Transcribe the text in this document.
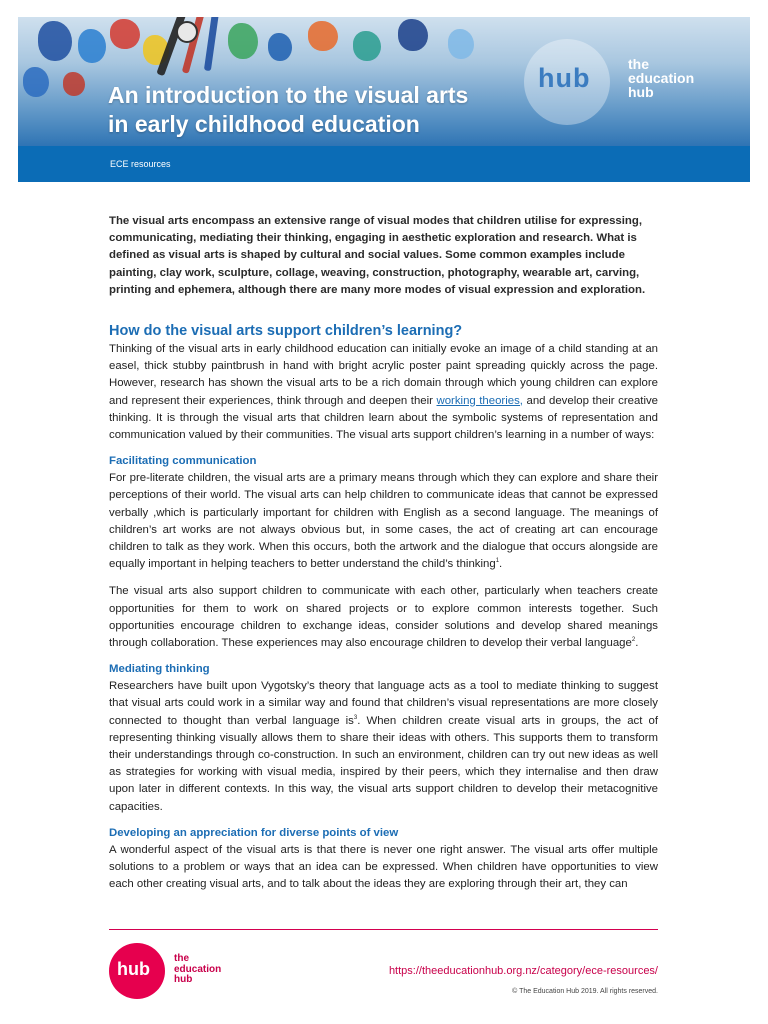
hub	the
education
hub
An introduction to the visual arts
in early childhood education
ECE resources

The visual arts encompass an extensive range of visual modes that children utilise for expressing, communicating, mediating their thinking, engaging in aesthetic exploration and research. What is defined as visual arts is shaped by cultural and social values. Some common examples include painting, clay work, sculpture, collage, weaving, construction, photography, wearable art, carving, printing and ephemera, although there are many more modes of visual expression and exploration.

How do the visual arts support children’s learning?

Thinking of the visual arts in early childhood education can initially evoke an image of a child standing at an easel, thick stubby paintbrush in hand with bright acrylic poster paint spreading quickly across the page. However, research has shown the visual arts to be a rich domain through which young children can explore and represent their experiences, think through and deepen their working theories, and develop their creative thinking. It is through the visual arts that children learn about the symbolic systems of representation and communication valued by their communities. The visual arts support children’s learning in a number of ways:

Facilitating communication

For pre-literate children, the visual arts are a primary means through which they can explore and share their perceptions of their world. The visual arts can help children to communicate ideas that cannot be expressed verbally ,which is particularly important for children with English as a second language. The meanings of children’s art works are not always obvious but, in some cases, the act of creating art can encourage children to talk as they work. When this occurs, both the artwork and the dialogue that occurs alongside are equally important in helping teachers to better understand the child’s thinking$^1$.

The visual arts also support children to communicate with each other, particularly when teachers create opportunities for them to work on shared projects or to explore common interests together. Such opportunities encourage children to exchange ideas, consider solutions and develop shared meanings through collaboration. These experiences may also encourage children to develop their verbal language$^2$.

Mediating thinking

Researchers have built upon Vygotsky’s theory that language acts as a tool to mediate thinking to suggest that visual arts could work in a similar way and found that children’s visual representations are more closely connected to thought than verbal language $is^3$. When children create visual arts in groups, the act of representing thinking visually allows them to share their ideas with others. This supports them to transform their understandings through co-construction. In such an environment, children can try out new ideas as well as strategies for working with visual media, inspired by their peers, which they internalise and then draw upon later in different contexts. In this way, the visual arts support children to develop their metacognitive capacities.

Developing an appreciation for diverse points of view

A wonderful aspect of the visual arts is that there is never one right answer. The visual arts offer multiple solutions to a problem or ways that an idea can be expressed. When children have opportunities to view each other creating visual arts, and to talk about the ideas they are exploring through their art, they can

hub
the
education
hub
https://theeducationhub.org.nz/category/ece-resources/
© The Education Hub 2019. All rights reserved.
